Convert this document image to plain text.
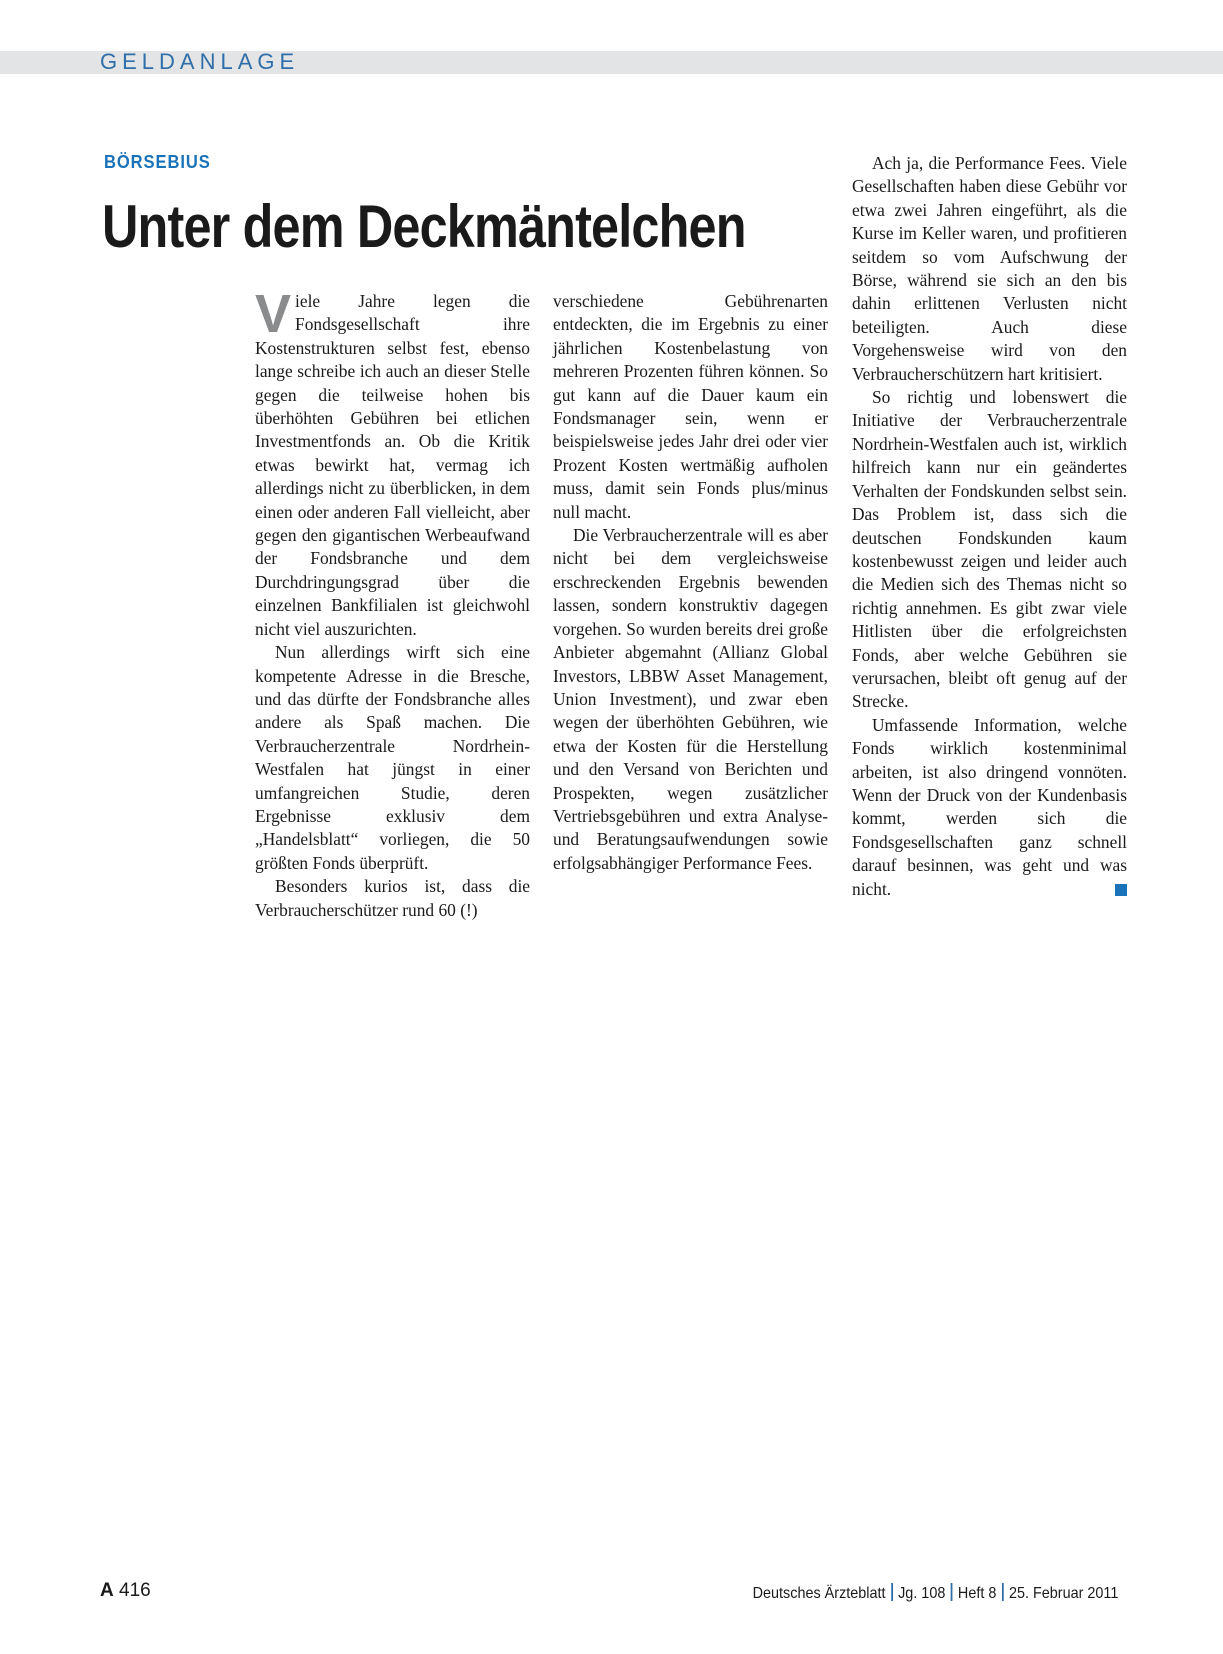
GELDANLAGE
BÖRSEBIUS
Unter dem Deckmäntelchen

Viele Jahre legen die Fondsgesellschaft ihre Kostenstrukturen selbst fest, ebenso lange schreibe ich auch an dieser Stelle gegen die teilweise hohen bis überhöhten Gebühren bei etlichen Investmentfonds an. Ob die Kritik etwas bewirkt hat, vermag ich allerdings nicht zu überblicken, in dem einen oder anderen Fall vielleicht, aber gegen den gigantischen Werbeaufwand der Fondsbranche und dem Durchdringungsgrad über die einzelnen Bankfilialen ist gleichwohl nicht viel auszurichten.

Nun allerdings wirft sich eine kompetente Adresse in die Bresche, und das dürfte der Fondsbranche alles andere als Spaß machen. Die Verbraucherzentrale Nordrhein-Westfalen hat jüngst in einer umfangreichen Studie, deren Ergebnisse exklusiv dem „Handelsblatt“ vorliegen, die 50 größten Fonds überprüft.

Besonders kurios ist, dass die Verbraucherschützer rund 60 (!)

verschiedene Gebührenarten entdeckten, die im Ergebnis zu einer jährlichen Kostenbelastung von mehreren Prozenten führen können. So gut kann auf die Dauer kaum ein Fondsmanager sein, wenn er beispielsweise jedes Jahr drei oder vier Prozent Kosten wertmäßig aufholen muss, damit sein Fonds plus/minus null macht.

Die Verbraucherzentrale will es aber nicht bei dem vergleichsweise erschreckenden Ergebnis bewenden lassen, sondern konstruktiv dagegen vorgehen. So wurden bereits drei große Anbieter abgemahnt (Allianz Global Investors, LBBW Asset Management, Union Investment), und zwar eben wegen der überhöhten Gebühren, wie etwa der Kosten für die Herstellung und den Versand von Berichten und Prospekten, wegen zusätzlicher Vertriebsgebühren und extra Analyse- und Beratungsaufwendungen sowie erfolgsabhängiger Performance Fees.

Ach ja, die Performance Fees. Viele Gesellschaften haben diese Gebühr vor etwa zwei Jahren eingeführt, als die Kurse im Keller waren, und profitieren seitdem so vom Aufschwung der Börse, während sie sich an den bis dahin erlittenen Verlusten nicht beteiligten. Auch diese Vorgehensweise wird von den Verbraucherschützern hart kritisiert.

So richtig und lobenswert die Initiative der Verbraucherzentrale Nordrhein-Westfalen auch ist, wirklich hilfreich kann nur ein geändertes Verhalten der Fondskunden selbst sein. Das Problem ist, dass sich die deutschen Fondskunden kaum kostenbewusst zeigen und leider auch die Medien sich des Themas nicht so richtig annehmen. Es gibt zwar viele Hitlisten über die erfolgreichsten Fonds, aber welche Gebühren sie verursachen, bleibt oft genug auf der Strecke.

Umfassende Information, welche Fonds wirklich kostenminimal arbeiten, ist also dringend vonnöten. Wenn der Druck von der Kundenbasis kommt, werden sich die Fondsgesellschaften ganz schnell darauf besinnen, was geht und was nicht.

A 416	Deutsches Ärzteblatt Jg. 108 Heft 8 25. Februar 2011
